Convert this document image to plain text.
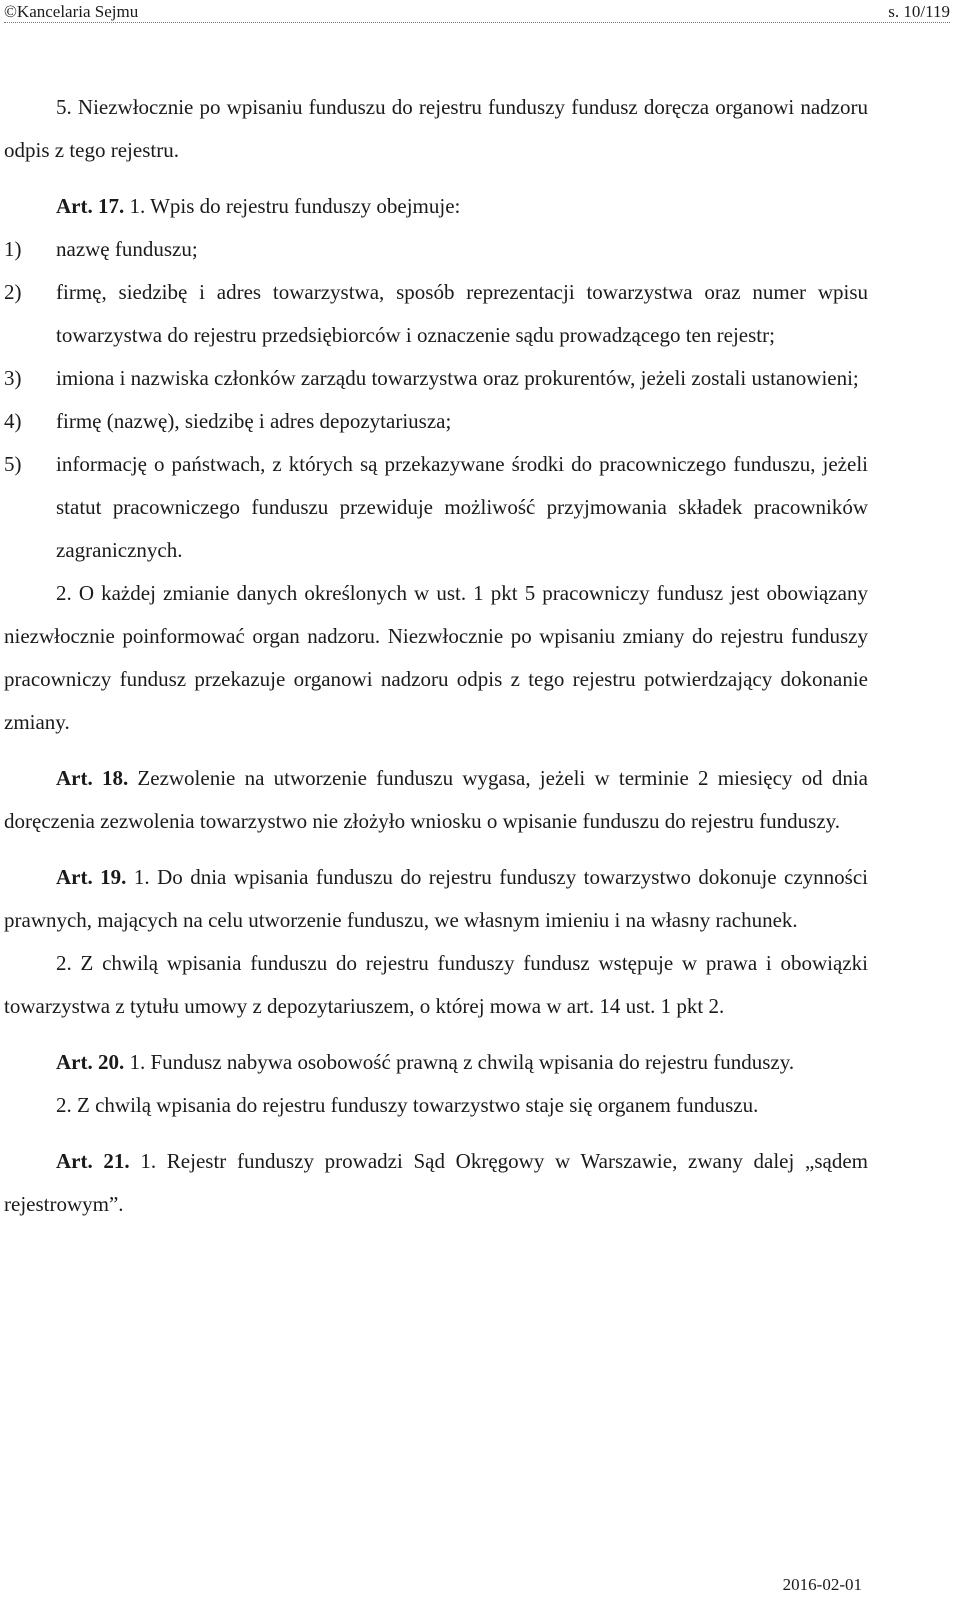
©Kancelaria Sejmu	s. 10/119

5. Niezwłocznie po wpisaniu funduszu do rejestru funduszy fundusz doręcza organowi nadzoru odpis z tego rejestru.

Art. 17. 1. Wpis do rejestru funduszy obejmuje:

1)	nazwę funduszu;
2)	firmę, siedzibę i adres towarzystwa, sposób reprezentacji towarzystwa oraz numer wpisu towarzystwa do rejestru przedsiębiorców i oznaczenie sądu prowadzącego ten rejestr;
3)	imiona i nazwiska członków zarządu towarzystwa oraz prokurentów, jeżeli zostali ustanowieni;
4)	firmę (nazwę), siedzibę i adres depozytariusza;
5)	informację o państwach, z których są przekazywane środki do pracowniczego funduszu, jeżeli statut pracowniczego funduszu przewiduje możliwość przyjmowania składek pracowników zagranicznych.

2. O każdej zmianie danych określonych w ust. 1 pkt 5 pracowniczy fundusz jest obowiązany niezwłocznie poinformować organ nadzoru. Niezwłocznie po wpisaniu zmiany do rejestru funduszy pracowniczy fundusz przekazuje organowi nadzoru odpis z tego rejestru potwierdzający dokonanie zmiany.

Art. 18. Zezwolenie na utworzenie funduszu wygasa, jeżeli w terminie 2 miesięcy od dnia doręczenia zezwolenia towarzystwo nie złożyło wniosku o wpisanie funduszu do rejestru funduszy.

Art. 19. 1. Do dnia wpisania funduszu do rejestru funduszy towarzystwo dokonuje czynności prawnych, mających na celu utworzenie funduszu, we własnym imieniu i na własny rachunek.

2. Z chwilą wpisania funduszu do rejestru funduszy fundusz wstępuje w prawa i obowiązki towarzystwa z tytułu umowy z depozytariuszem, o której mowa w art. 14 ust. 1 pkt 2.

Art. 20. 1. Fundusz nabywa osobowość prawną z chwilą wpisania do rejestru funduszy.

2. Z chwilą wpisania do rejestru funduszy towarzystwo staje się organem funduszu.

Art. 21. 1. Rejestr funduszy prowadzi Sąd Okręgowy w Warszawie, zwany dalej „sądem rejestrowym”.

2016-02-01
